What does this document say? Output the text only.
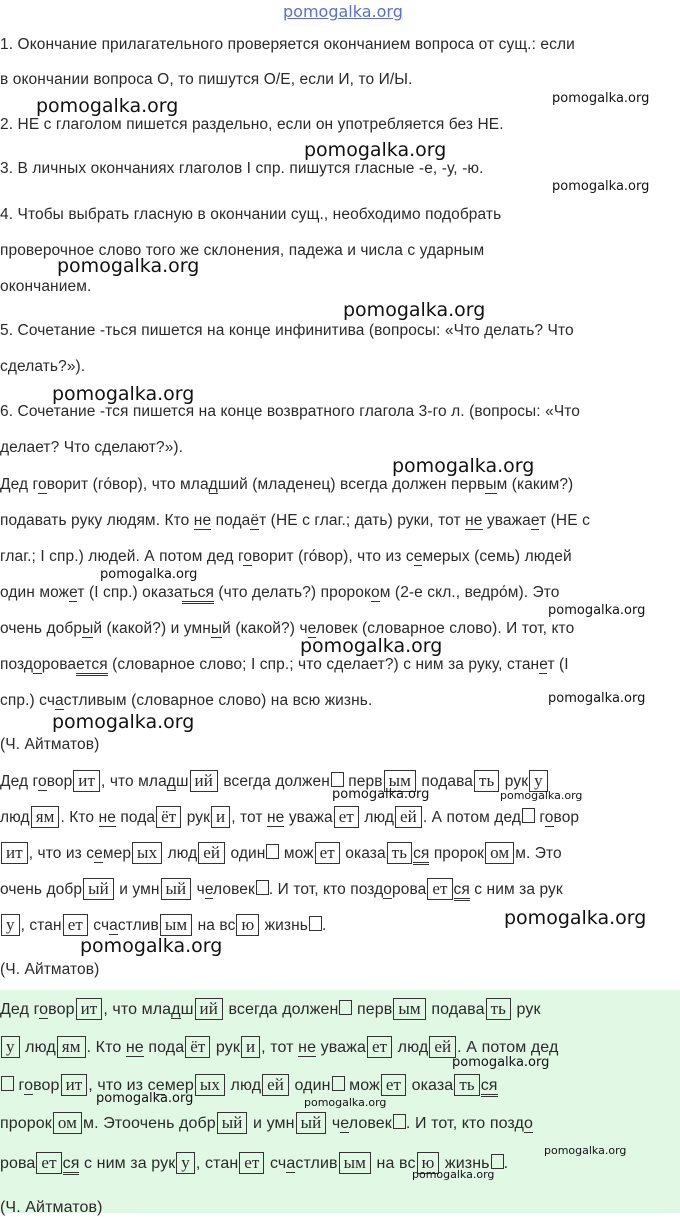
pomogalka.org
1. Окончание прилагательного проверяется окончанием вопроса от сущ.: если
в окончании вопроса О, то пишутся О/Е, если И, то И/Ы.
2. НЕ с глаголом пишется раздельно, если он употребляется без НЕ.
3. В личных окончаниях глаголов I спр. пишутся гласные -е, -у, -ю.
4. Чтобы выбрать гласную в окончании сущ., необходимо подобрать
проверочное слово того же склонения, падежа и числа с ударным
окончанием.
5. Сочетание -ться пишется на конце инфинитива (вопросы: «Что делать? Что
сделать?»).
6. Сочетание -тся пишется на конце возвратного глагола 3-го л. (вопросы: «Что
делает? Что сделают?»).
Дед говорит (го́вор), что младший (младенец) всегда должен первым (каким?)
подавать руку людям. Кто не подаёт (НЕ с глаг.; дать) руки, тот не уважает (НЕ с
глаг.; I спр.) людей. А потом дед говорит (го́вор), что из семерых (семь) людей
один может (I спр.) оказаться (что делать?) пророком (2-е скл., ведро́м). Это
очень добрый (какой?) и умный (какой?) человек (словарное слово). И тот, кто
поздоровается (словарное слово; I спр.; что сделает?) с ним за руку, станет (I
спр.) счастливым (словарное слово) на всю жизнь.
(Ч. Айтматов)
Дед говор ит , что младш ий всегда должен перв ым подава ть рук у
люд ям . Кто не пода ёт рук и , тот не уважа ет люд ей . А потом дед говор
ит , что из семер ых люд ей один мож ет оказа ть ся пророк ом м. Это
очень добр ый и умн ый человек . И тот, кто поздорова ет ся с ним за рук
у , стан ет счастлив ым на вс ю жизнь .
(Ч. Айтматов)
Дед говор ит , что младш ий всегда должен перв ым подава ть рук
у люд ям . Кто не пода ёт рук и , тот не уважа ет люд ей . А потом дед
говор ит , что из семер ых люд ей один мож ет оказа ть ся
пророк ом м. Этоочень добр ый и умн ый человек . И тот, кто поздо
рова ет ся с ним за рук у , стан ет счастлив ым на вс ю жизнь .
(Ч. Айтматов)
pomogalka.org	pomogalka.org
pomogalka.org
pomogalka.org
pomogalka.org
pomogalka.org
pomogalka.org
pomogalka.org
pomogalka.org
pomogalka.org
pomogalka.org
pomogalka.org
pomogalka.org
pomogalka.org	pomogalka.org
pomogalka.org
pomogalka.org
pomogalka.org
pomogalka.org	pomogalka.org
pomogalka.org
pomogalka.org
